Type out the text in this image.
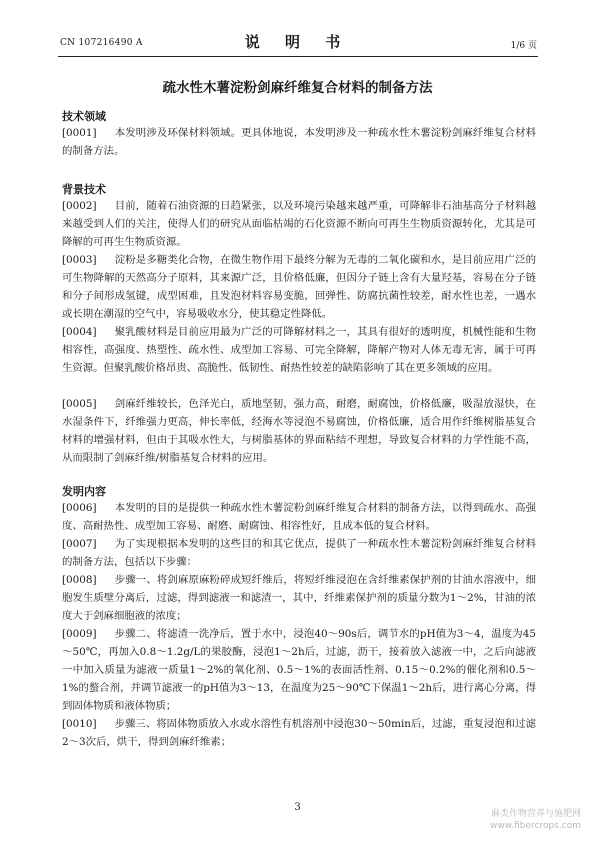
CN 107216490 A	说 明 书	1/6 页
疏水性木薯淀粉剑麻纤维复合材料的制备方法
技术领域
[0001] 本发明涉及环保材料领域。更具体地说，本发明涉及一种疏水性木薯淀粉剑麻纤维复合材料的制备方法。
背景技术
[0002] 目前，随着石油资源的日趋紧张，以及环境污染越来越严重，可降解非石油基高分子材料越来越受到人们的关注，使得人们的研究从面临枯竭的石化资源不断向可再生生物质资源转化，尤其是可降解的可再生生物质资源。
[0003] 淀粉是多糖类化合物，在微生物作用下最终分解为无毒的二氧化碳和水，是目前应用广泛的可生物降解的天然高分子原料，其来源广泛，且价格低廉，但因分子链上含有大量羟基，容易在分子链和分子间形成氢键，成型困难，且发泡材料容易变脆，回弹性、防腐抗菌性较差，耐水性也差，一遇水或长期在潮湿的空气中，容易吸收水分，使其稳定性降低。
[0004] 聚乳酸材料是目前应用最为广泛的可降解材料之一，其具有很好的透明度，机械性能和生物相容性，高强度、热塑性、疏水性、成型加工容易、可完全降解，降解产物对人体无毒无害，属于可再生资源。但聚乳酸价格昂贵、高脆性、低韧性、耐热性较差的缺陷影响了其在更多领域的应用。
[0005] 剑麻纤维较长，色泽光白，质地坚韧，强力高，耐磨，耐腐蚀，价格低廉，吸湿放湿快，在水湿条件下，纤维强力更高，伸长率低，经海水等浸泡不易腐蚀，价格低廉，适合用作纤维树脂基复合材料的增强材料，但由于其吸水性大，与树脂基体的界面粘结不理想，导致复合材料的力学性能不高，从而限制了剑麻纤维/树脂基复合材料的应用。
发明内容
[0006] 本发明的目的是提供一种疏水性木薯淀粉剑麻纤维复合材料的制备方法，以得到疏水、高强度、高耐热性、成型加工容易、耐磨、耐腐蚀、相容性好，且成本低的复合材料。
[0007] 为了实现根据本发明的这些目的和其它优点，提供了一种疏水性木薯淀粉剑麻纤维复合材料的制备方法，包括以下步骤：
[0008] 步骤一、将剑麻原麻粉碎成短纤维后，将短纤维浸泡在含纤维素保护剂的甘油水溶液中，细胞发生质壁分离后，过滤，得到滤液一和滤渣一，其中，纤维素保护剂的质量分数为1～2%，甘油的浓度大于剑麻细胞液的浓度；
[0009] 步骤二、将滤渣一洗净后，置于水中，浸泡40～90s后，调节水的pH值为3～4，温度为45～50℃，再加入0.8～1.2g/L的果胶酶，浸泡1～2h后，过滤，沥干，接着放入滤液一中，之后向滤液一中加入质量为滤液一质量1～2%的氧化剂、0.5～1%的表面活性剂、0.15～0.2%的催化剂和0.5～1%的螯合剂，并调节滤液一的pH值为3～13，在温度为25～90℃下保温1～2h后，进行离心分离，得到固体物质和液体物质；
[0010] 步骤三、将固体物质放入水或水溶性有机溶剂中浸泡30～50min后，过滤，重复浸泡和过滤2～3次后，烘干，得到剑麻纤维素；
3
麻类作物营养与施肥网
www.fibercrops.com
